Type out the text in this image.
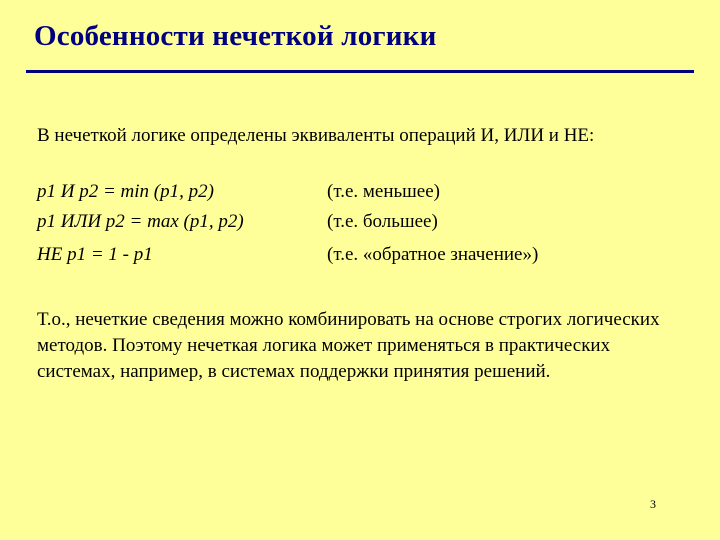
Особенности нечеткой логики

В нечеткой логике определены эквиваленты операций И, ИЛИ и НЕ:

p1 И p2 = min (p1, p2)	(т.е. меньшее)
p1 ИЛИ p2 = max (p1, p2)	(т.е. большее)
НЕ p1 = 1 - p1	(т.е. «обратное значение»)

Т.о., нечеткие сведения можно комбинировать на основе строгих логических методов. Поэтому нечеткая логика может применяться в практических системах, например, в системах поддержки принятия решений.

3
